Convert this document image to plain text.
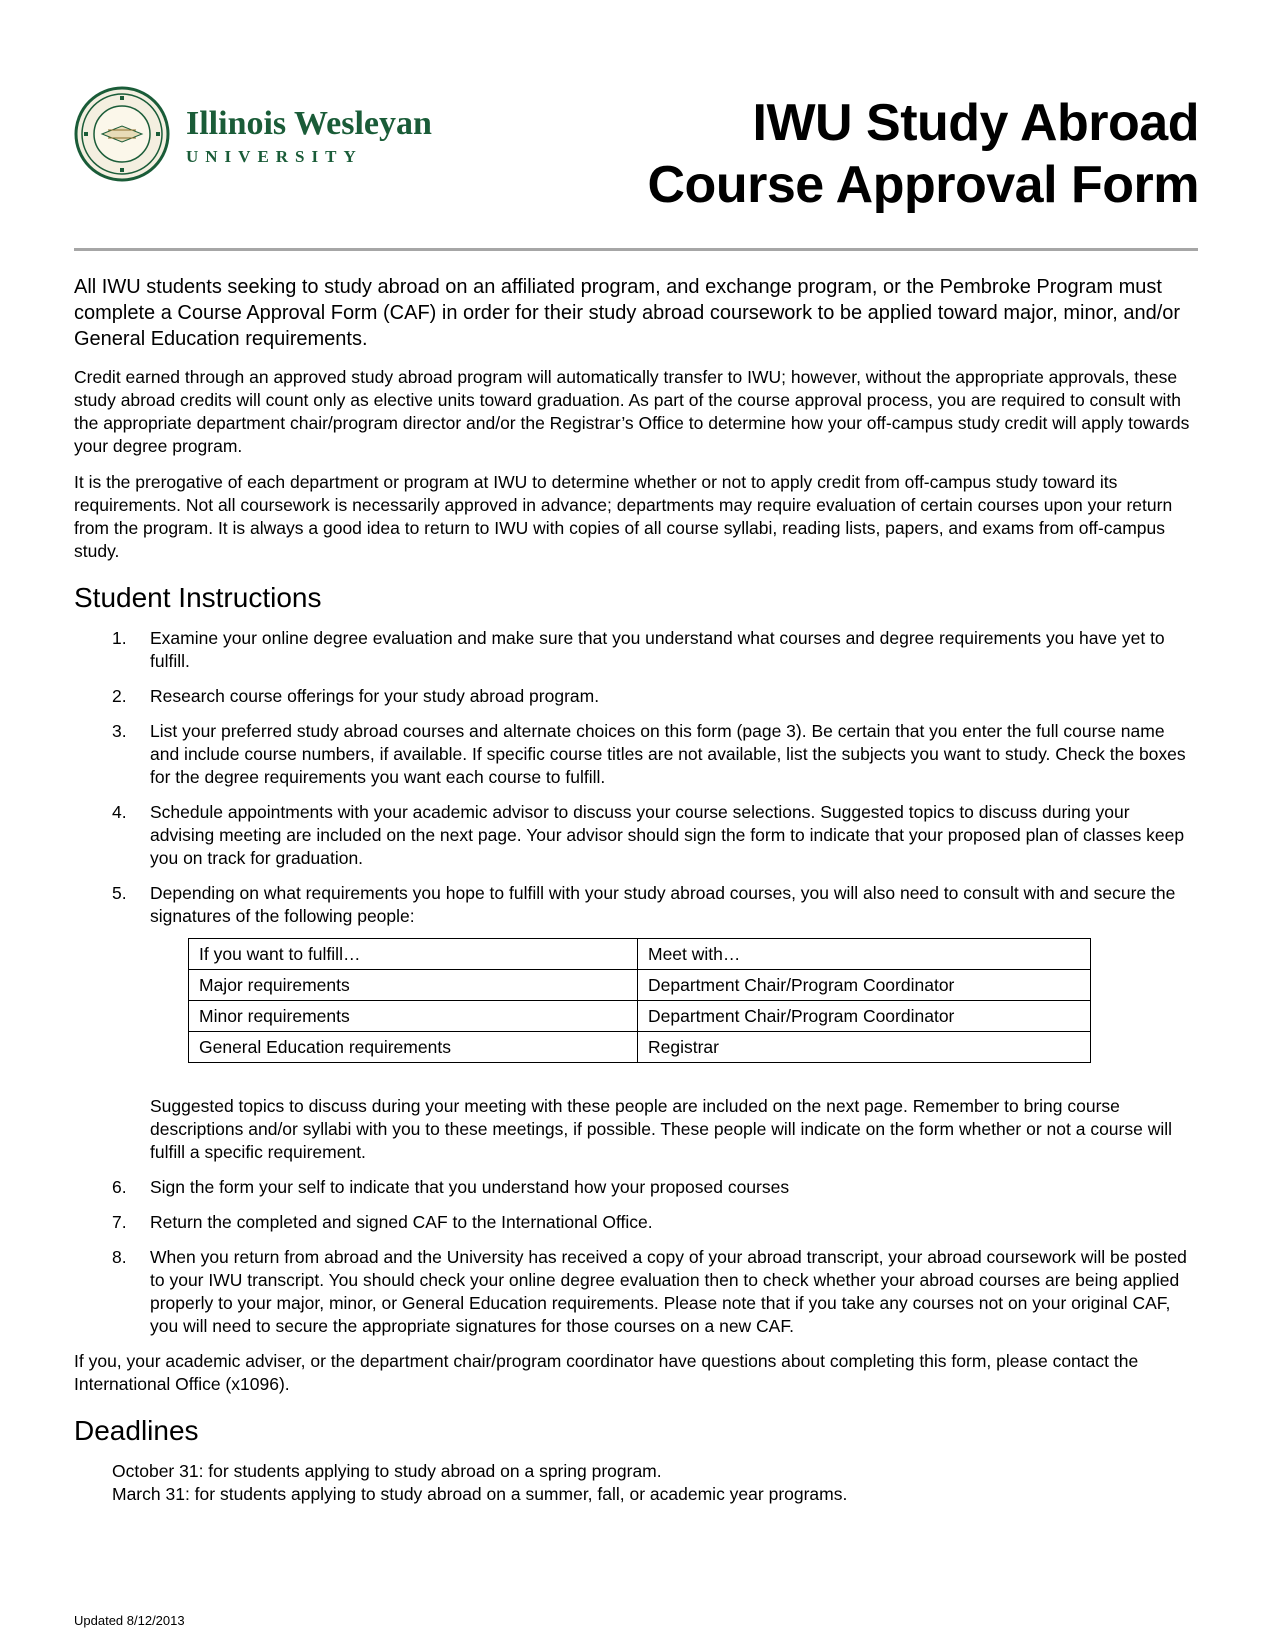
Illinois Wesleyan
UNIVERSITY
IWU Study Abroad
Course Approval Form

All IWU students seeking to study abroad on an affiliated program, and exchange program, or the Pembroke Program must complete a Course Approval Form (CAF) in order for their study abroad coursework to be applied toward major, minor, and/or General Education requirements.

Credit earned through an approved study abroad program will automatically transfer to IWU; however, without the appropriate approvals, these study abroad credits will count only as elective units toward graduation. As part of the course approval process, you are required to consult with the appropriate department chair/program director and/or the Registrar’s Office to determine how your off-campus study credit will apply towards your degree program.

It is the prerogative of each department or program at IWU to determine whether or not to apply credit from off-campus study toward its requirements. Not all coursework is necessarily approved in advance; departments may require evaluation of certain courses upon your return from the program. It is always a good idea to return to IWU with copies of all course syllabi, reading lists, papers, and exams from off-campus study.

Student Instructions
1. Examine your online degree evaluation and make sure that you understand what courses and degree requirements you have yet to fulfill.
2. Research course offerings for your study abroad program.
3. List your preferred study abroad courses and alternate choices on this form (page 3). Be certain that you enter the full course name and include course numbers, if available. If specific course titles are not available, list the subjects you want to study. Check the boxes for the degree requirements you want each course to fulfill.
4. Schedule appointments with your academic advisor to discuss your course selections. Suggested topics to discuss during your advising meeting are included on the next page. Your advisor should sign the form to indicate that your proposed plan of classes keep you on track for graduation.
5. Depending on what requirements you hope to fulfill with your study abroad courses, you will also need to consult with and secure the signatures of the following people:
If you want to fulfill…	Meet with…
Major requirements	Department Chair/Program Coordinator
Minor requirements	Department Chair/Program Coordinator
General Education requirements	Registrar

Suggested topics to discuss during your meeting with these people are included on the next page. Remember to bring course descriptions and/or syllabi with you to these meetings, if possible. These people will indicate on the form whether or not a course will fulfill a specific requirement.

6. Sign the form your self to indicate that you understand how your proposed courses
7. Return the completed and signed CAF to the International Office.
8. When you return from abroad and the University has received a copy of your abroad transcript, your abroad coursework will be posted to your IWU transcript. You should check your online degree evaluation then to check whether your abroad courses are being applied properly to your major, minor, or General Education requirements. Please note that if you take any courses not on your original CAF, you will need to secure the appropriate signatures for those courses on a new CAF.

If you, your academic adviser, or the department chair/program coordinator have questions about completing this form, please contact the International Office (x1096).

Deadlines
October 31: for students applying to study abroad on a spring program.
March 31: for students applying to study abroad on a summer, fall, or academic year programs.
Updated 8/12/2013
